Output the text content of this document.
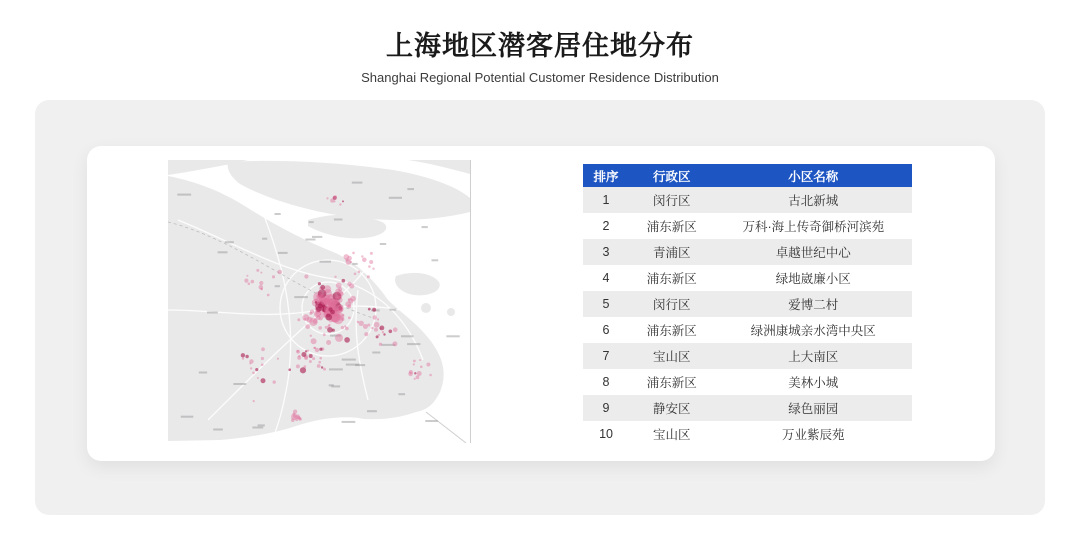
上海地区潜客居住地分布
Shanghai Regional Potential Customer Residence Distribution
排序	行政区	小区名称
1	闵行区	古北新城
2	浦东新区	万科·海上传奇御桥河滨苑
3	青浦区	卓越世纪中心
4	浦东新区	绿地崴廉小区
5	闵行区	爱博二村
6	浦东新区	绿洲康城亲水湾中央区
7	宝山区	上大南区
8	浦东新区	美林小城
9	静安区	绿色丽园
10	宝山区	万业紫辰苑
